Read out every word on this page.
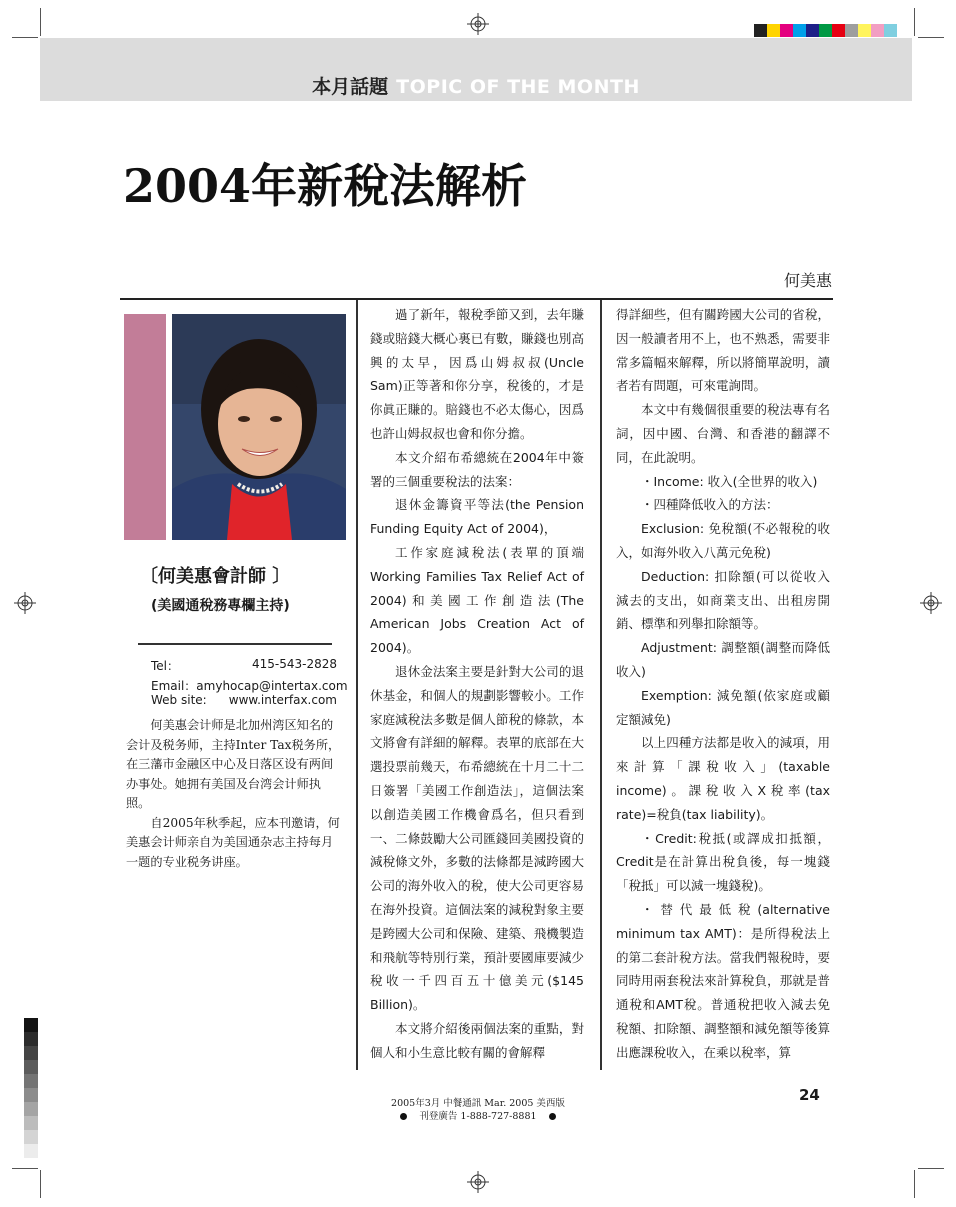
本月話題 TOPIC OF THE MONTH
2004年新稅法解析
何美惠
〔何美惠會計師 〕
(美國通稅務專欄主持)
Tel：	415-543-2828
Email：amyhocap@intertax.com
Web site: www.interfax.com

何美惠会计师是北加州湾区知名的会计及税务师，主持Inter Tax税务所，在三藩市金融区中心及日落区设有两间办事处。她拥有美国及台湾会计师执照。

自2005年秋季起，应本刊邀请，何美惠会计师亲自为美国通杂志主持每月一题的专业税务讲座。

過了新年，報稅季節又到，去年賺錢或賠錢大概心裏已有數，賺錢也別高興的太早，因爲山姆叔叔(Uncle Sam)正等著和你分享，稅後的，才是你眞正賺的。賠錢也不必太傷心，因爲也許山姆叔叔也會和你分擔。

本文介紹布希總統在2004年中簽署的三個重要稅法的法案：

退休金籌資平等法(the Pension Funding Equity Act of 2004)，

工作家庭減稅法(表單的頂端 Working Families Tax Relief Act of 2004)和美國工作創造法(The American Jobs Creation Act of 2004)。

退休金法案主要是針對大公司的退休基金，和個人的規劃影響較小。工作家庭減稅法多數是個人節稅的條款，本文將會有詳細的解釋。表單的底部在大選投票前幾天，布希總統在十月二十二日簽署「美國工作創造法」，這個法案以創造美國工作機會爲名，但只看到一、二條鼓勵大公司匯錢回美國投資的減稅條文外，多數的法條都是減跨國大公司的海外收入的稅，使大公司更容易在海外投資。這個法案的減稅對象主要是跨國大公司和保險、建築、飛機製造和飛航等特別行業，預計要國庫要減少稅收一千四百五十億美元($145 Billion)。

本文將介紹後兩個法案的重點，對個人和小生意比較有關的會解釋

得詳細些，但有關跨國大公司的省稅，因一般讀者用不上，也不熟悉，需要非常多篇幅來解釋，所以將簡單說明，讀者若有問題，可來電詢問。

本文中有幾個很重要的稅法專有名詞，因中國、台灣、和香港的翻譯不同，在此說明。

・Income: 收入(全世界的收入)

・四種降低收入的方法：

Exclusion: 免稅額(不必報稅的收入，如海外收入八萬元免稅)

Deduction: 扣除額(可以從收入減去的支出，如商業支出、出租房開銷、標準和列舉扣除額等。

Adjustment: 調整額(調整而降低收入)

Exemption: 減免額(依家庭或顧定額減免)

以上四種方法都是收入的減項，用來計算「課稅收入」(taxable income)。課稅收入X稅率(tax rate)=稅負(tax liability)。

・Credit:稅抵(或譯成扣抵額，Credit是在計算出稅負後，每一塊錢「稅抵」可以減一塊錢稅)。

・替代最低稅(alternative minimum tax AMT)：是所得稅法上的第二套計稅方法。當我們報稅時，要同時用兩套稅法來計算稅負，那就是普通稅和AMT稅。普通稅把收入減去免稅額、扣除額、調整額和減免額等後算出應課稅收入，在乘以稅率，算

24
2005年3月 中餐通訊 Mar. 2005 美西版
刊登廣告 1-888-727-8881
